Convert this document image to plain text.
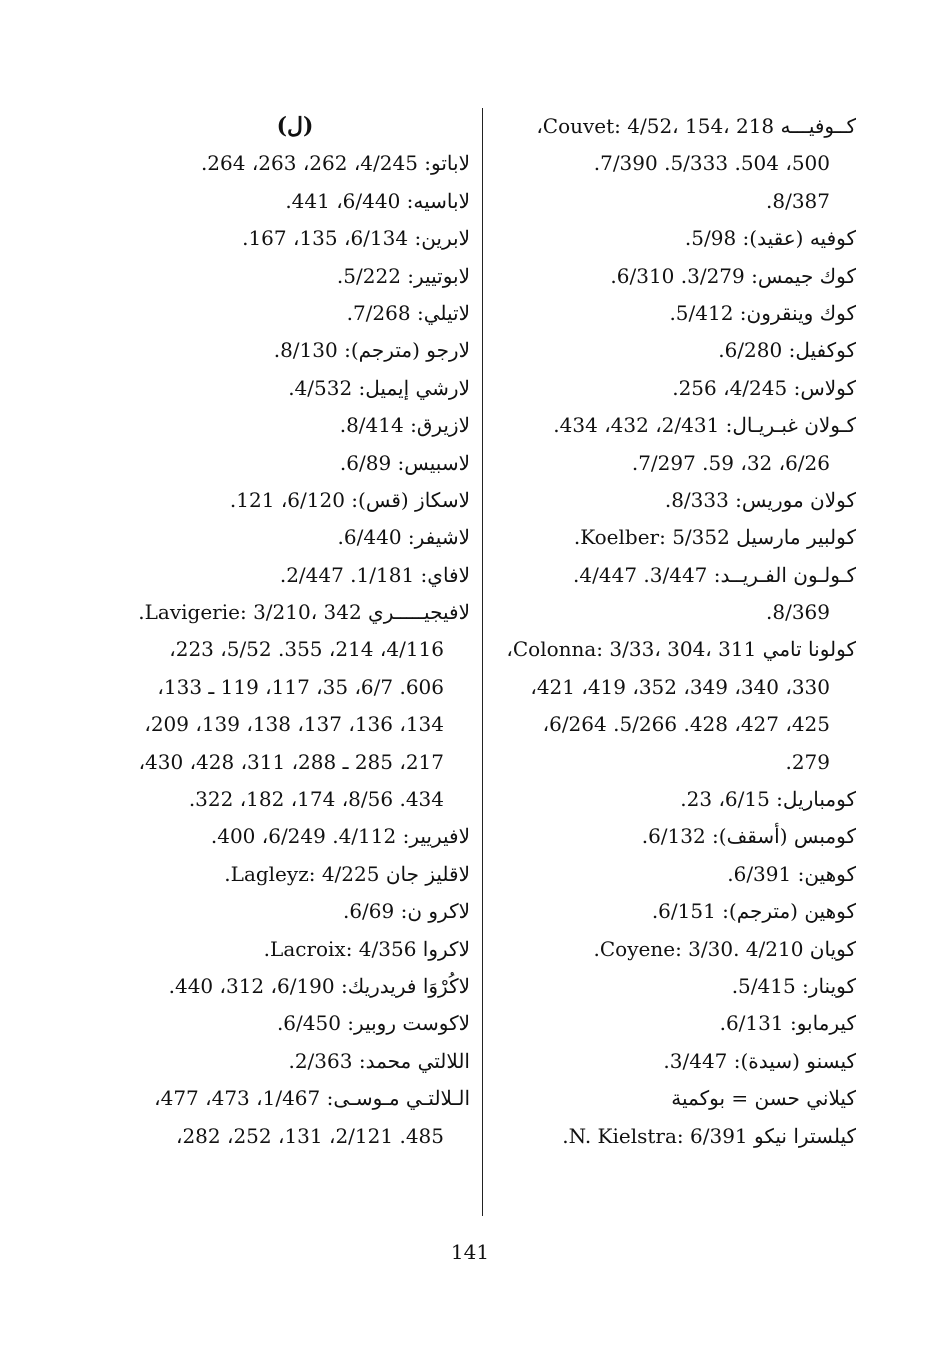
كــوفيـــه Couvet: 4/52، 154، 218،
500، 504. 5/333. 7/390.
8/387.
كوفيه (عقيد): 5/98.
كوك جيمس: 3/279. 6/310.
كوك وينقرون: 5/412.
كوكفيل: 6/280.
كولاس: 4/245، 256.
كـولان غبـريـال: 2/431، 432، 434.
6/26، 32، 59. 7/297.
كولان موريس: 8/333.
كولبير مارسيل Koelber: 5/352.
كـولـون الفـريــد: 3/447. 4/447.
8/369.
كولونا تامي Colonna: 3/33، 304، 311،
330، 340، 349، 352، 419، 421،
425، 427، 428. 5/266. 6/264،
279.
كومباريل: 6/15، 23.
كومبس (أسقف): 6/132.
كوهين: 6/391.
كوهين (مترجم): 6/151.
كويان Coyene: 3/30. 4/210.
كوينار: 5/415.
كيرمابو: 6/131.
كيسنو (سيدة): 3/447.
كيلاني حسن = بوكمية
كيلسترا نيكو N. Kielstra: 6/391.
(ل)
لاباتو: 4/245، 262، 263، 264.
لاباسيه: 6/440، 441.
لابرين: 6/134، 135، 167.
لابوتيير: 5/222.
لاتيلي: 7/268.
لارجو (مترجم): 8/130.
لارشي إيميل: 4/532.
لازيرق: 8/414.
لاسبيس: 6/89.
لاسكاز (قس): 6/120، 121.
لاشيفر: 6/440.
لافاي: 1/181. 2/447.
لافيجيـــــري Lavigerie: 3/210، 342.
4/116، 214، 355. 5/52، 223،
606. 6/7، 35، 117، 119 ـ 133،
134، 136، 137، 138، 139، 209،
217، 285 ـ 288، 311، 428، 430،
434. 8/56، 174، 182، 322.
لافيريير: 4/112. 6/249، 400.
لاقليز جان Lagleyz: 4/225.
لاكرو ن: 6/69.
لاكروا Lacroix: 4/356.
لاكُرْوَا فريدريك: 6/190، 312، 440.
لاكوست روبير: 6/450.
اللالتي محمد: 2/363.
الـلالتـي مـوسـى: 1/467، 473، 477،
485. 2/121، 131، 252، 282،
141
